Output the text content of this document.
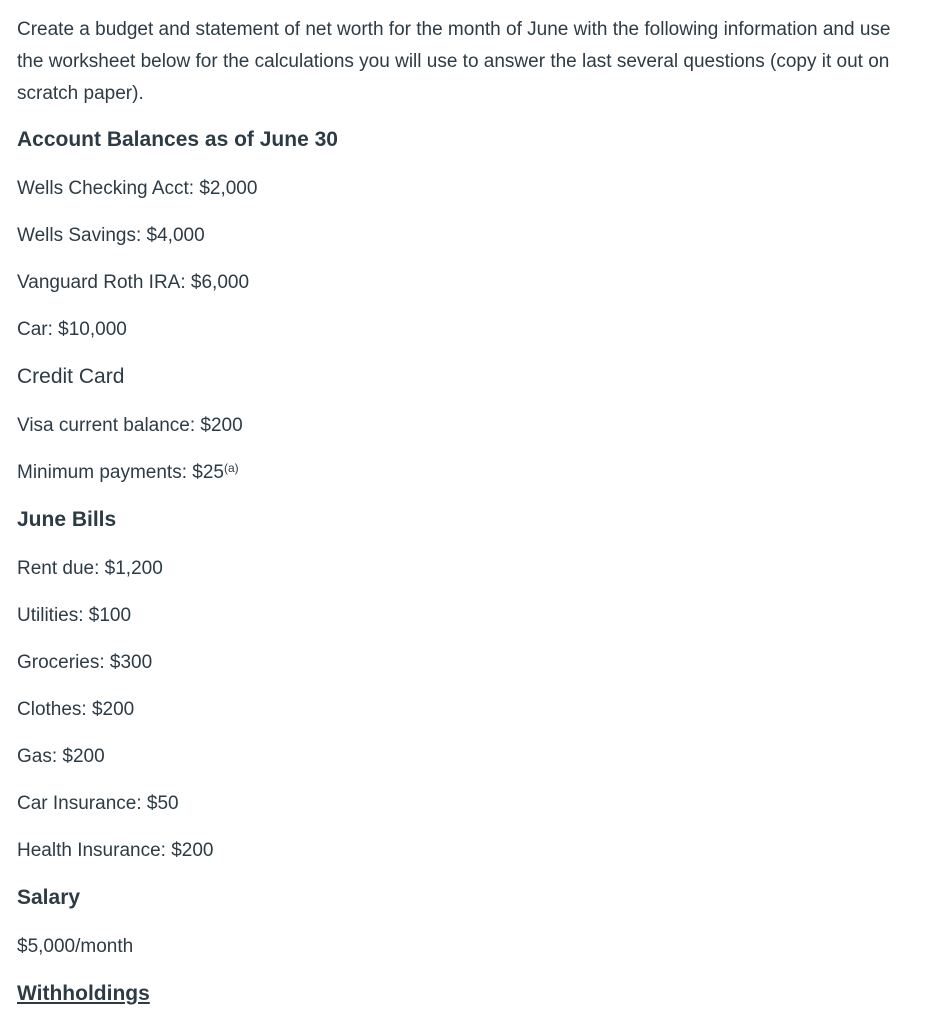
Create a budget and statement of net worth for the month of June with the following information and use the worksheet below for the calculations you will use to answer the last several questions (copy it out on scratch paper).

Account Balances as of June 30

Wells Checking Acct: $2,000

Wells Savings: $4,000

Vanguard Roth IRA: $6,000

Car: $10,000

Credit Card

Visa current balance: $200

Minimum payments: $25$^{(a)}$

June Bills

Rent due: $1,200

Utilities: $100

Groceries: $300

Clothes: $200

Gas: $200

Car Insurance: $50

Health Insurance: $200

Salary

$5,000/month

Withholdings
